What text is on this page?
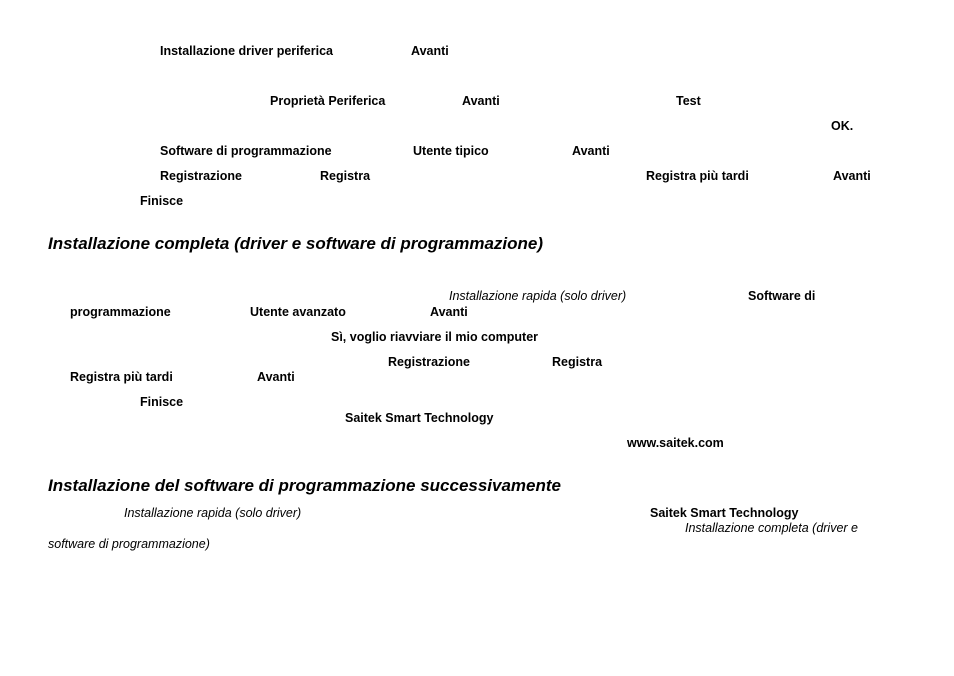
Installazione driver periferica	Avanti
Proprietà Periferica	Avanti	Test
OK.
Software di programmazione	Utente tipico	Avanti
Registrazione	Registra	Registra più tardi	Avanti
Finisce
Installazione completa (driver e software di programmazione)
Installazione rapida (solo driver)	Software di
programmazione	Utente avanzato	Avanti
Sì, voglio riavviare il mio computer
Registrazione	Registra
Registra più tardi	Avanti
Finisce
Saitek Smart Technology
www.saitek.com
Installazione del software di programmazione successivamente
Installazione rapida (solo driver)	Saitek Smart Technology
Installazione completa (driver e
software di programmazione)
